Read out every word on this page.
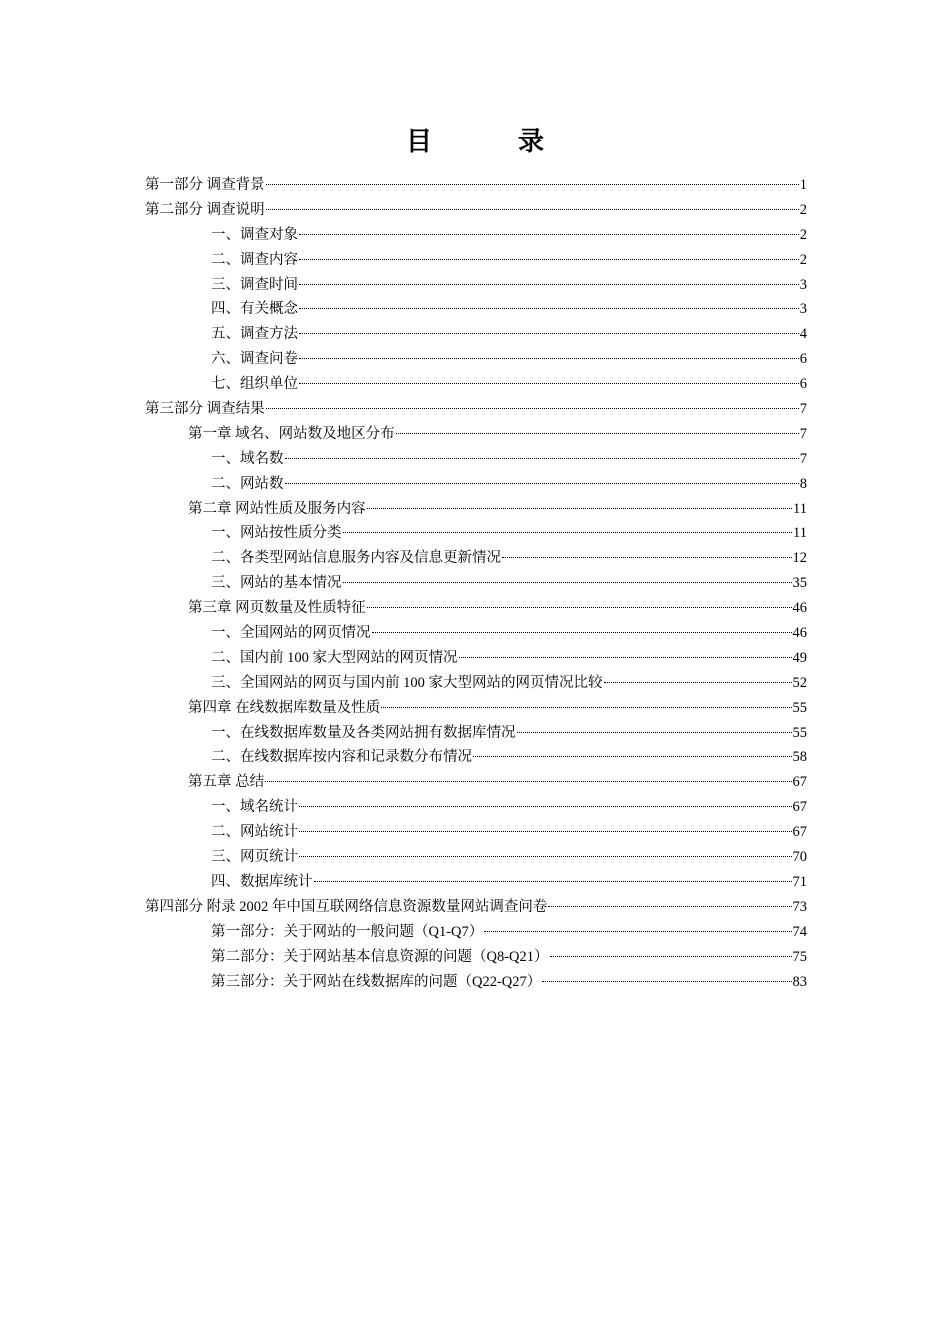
目　录
第一部分 调查背景	1
第二部分 调查说明	2
一、调查对象	2
二、调查内容	2
三、调查时间	3
四、有关概念	3
五、调查方法	4
六、调查问卷	6
七、组织单位	6
第三部分 调查结果	7
第一章 域名、网站数及地区分布	7
一、域名数	7
二、网站数	8
第二章 网站性质及服务内容	11
一、网站按性质分类	11
二、各类型网站信息服务内容及信息更新情况	12
三、网站的基本情况	35
第三章 网页数量及性质特征	46
一、全国网站的网页情况	46
二、国内前 100 家大型网站的网页情况	49
三、全国网站的网页与国内前 100 家大型网站的网页情况比较	52
第四章 在线数据库数量及性质	55
一、在线数据库数量及各类网站拥有数据库情况	55
二、在线数据库按内容和记录数分布情况	58
第五章 总结	67
一、域名统计	67
二、网站统计	67
三、网页统计	70
四、数据库统计	71
第四部分 附录 2002 年中国互联网络信息资源数量网站调查问卷	73
第一部分：关于网站的一般问题（Q1-Q7）	74
第二部分：关于网站基本信息资源的问题（Q8-Q21）	75
第三部分：关于网站在线数据库的问题（Q22-Q27）	83
